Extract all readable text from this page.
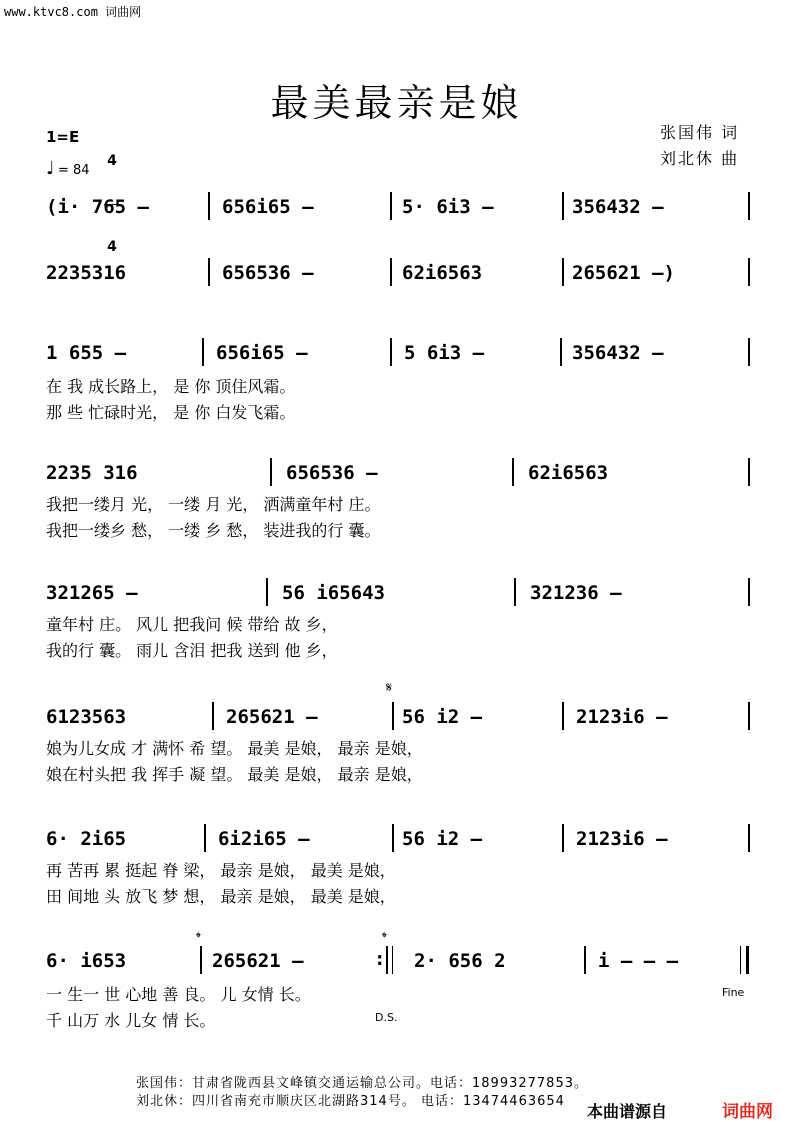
www.ktvc8.com 词曲网
最美最亲是娘
1=E

4

4

♩ = 84
张国伟 词
刘北休 曲
(i· 765 –	656i65 –	5· 6i3 –	356432 –
2235316	656536 –	62i6563	265621 –)
1 655 –	656i65 –	5 6i3 –	356432 –
在 我 成长路上， 是 你 顶住风霜。
那 些 忙碌时光， 是 你 白发飞霜。
2235 316	656536 –	62i6563
我把一缕月 光， 一缕 月 光， 洒满童年村 庄。
我把一缕乡 愁， 一缕 乡 愁， 装进我的行 囊。
321265 –	56 i65643	321236 –
童年村 庄。 风儿 把我问 候 带给 故 乡，
我的行 囊。 雨儿 含泪 把我 送到 他 乡，
𝄋
6123563	265621 –	56 i2 –	2123i6 –
娘为儿女成 才 满怀 希 望。 最美 是娘， 最亲 是娘，
娘在村头把 我 挥手 凝 望。 最美 是娘， 最亲 是娘，
6· 2i65	6i2i65 –	56 i2 –	2123i6 –
再 苦再 累 挺起 脊 梁， 最亲 是娘， 最美 是娘，
田 间地 头 放飞 梦 想， 最亲 是娘， 最美 是娘，
𝄌	𝄌
6· i653	265621 –	2· 656 2	i – – –
:
一 生一 世 心地 善 良。 儿 女情 长。
千 山万 水 儿女 情 长。
Fine
D.S.
张国伟：甘肃省陇西县文峰镇交通运输总公司。电话：18993277853。
刘北休：四川省南充市顺庆区北湖路314号。 电话：13474463654
本曲谱源自	词曲网
